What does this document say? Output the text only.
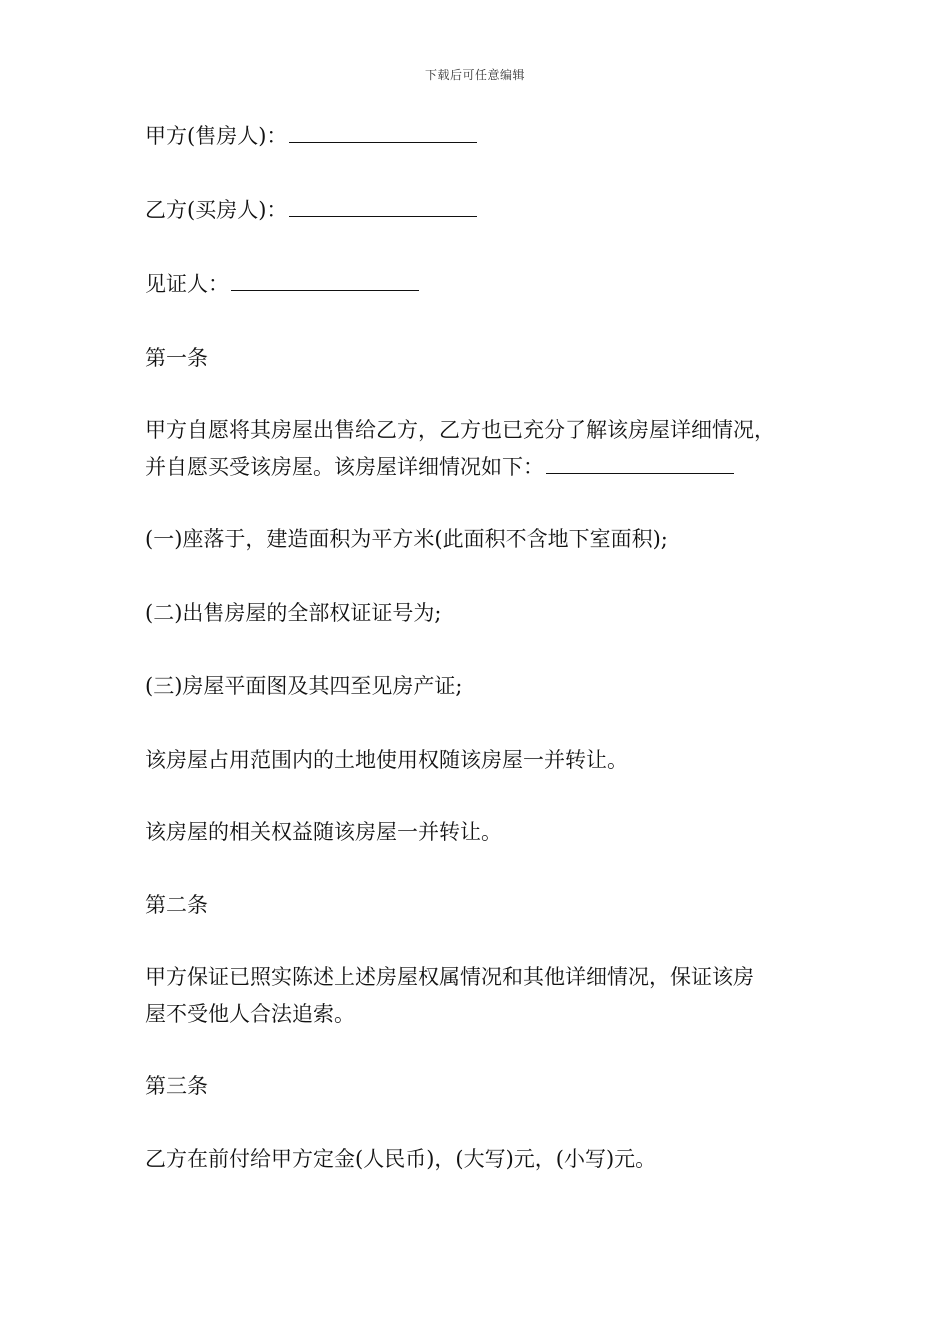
下载后可任意编辑
甲方(售房人)：
乙方(买房人)：
见证人：
第一条
甲方自愿将其房屋出售给乙方，乙方也已充分了解该房屋详细情况，
并自愿买受该房屋。该房屋详细情况如下：
(一)座落于，建造面积为平方米(此面积不含地下室面积);
(二)出售房屋的全部权证证号为;
(三)房屋平面图及其四至见房产证;
该房屋占用范围内的土地使用权随该房屋一并转让。
该房屋的相关权益随该房屋一并转让。
第二条
甲方保证已照实陈述上述房屋权属情况和其他详细情况，保证该房
屋不受他人合法追索。
第三条
乙方在前付给甲方定金(人民币)，(大写)元，(小写)元。
